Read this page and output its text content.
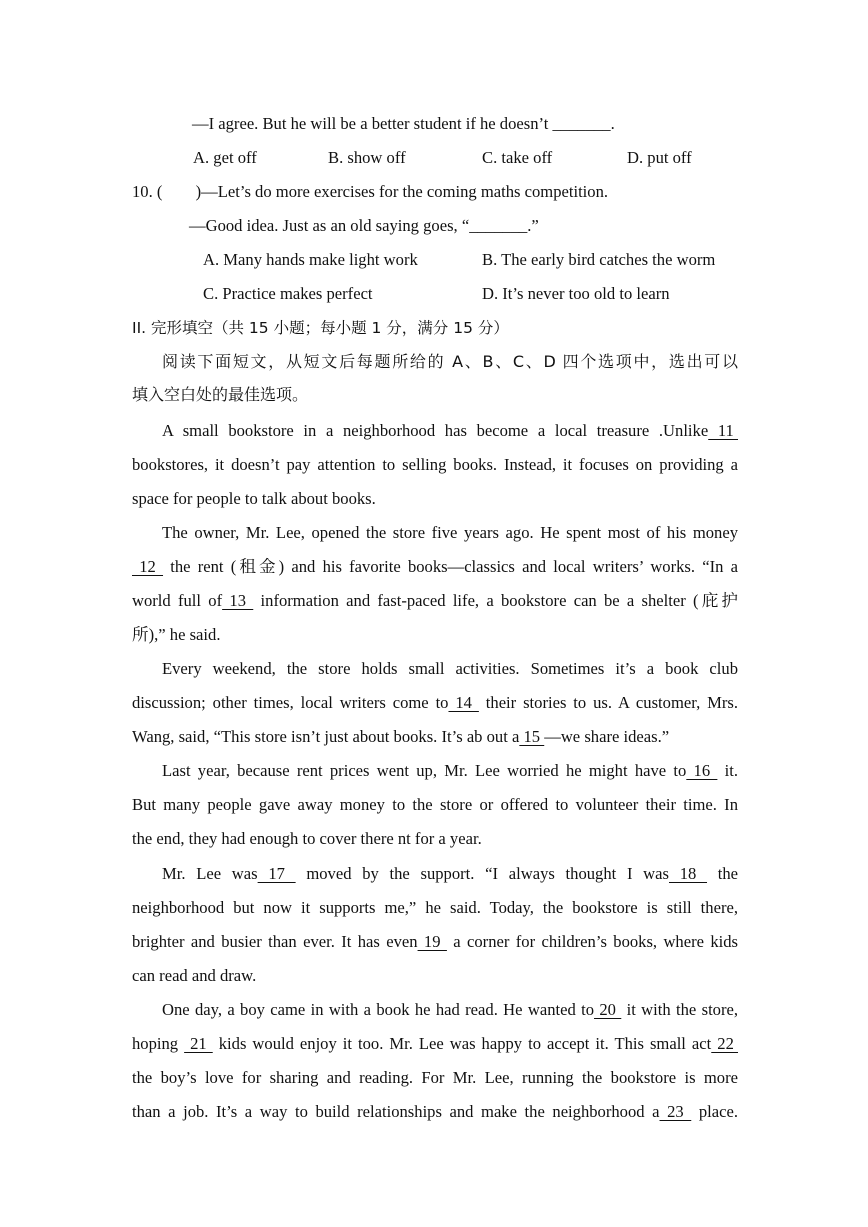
—I agree. But he will be a better student if he doesn’t _______.
A. get off	B. show off	C. take off	D. put off
10. (  )—Let’s do more exercises for the coming maths competition.
—Good idea. Just as an old saying goes, “_______.”
A. Many hands make light work	B. The early bird catches the worm
C. Practice makes perfect	D. It’s never too old to learn
II. 完形填空（共 15 小题；每小题 1 分，满分 15 分）
阅读下面短文，从短文后每题所给的 A、B、C、D 四个选项中，选出可以
填入空白处的最佳选项。
A small bookstore in a neighborhood has become a local treasure .Unlike 11
bookstores, it doesn’t pay attention to selling books. Instead, it focuses on providing a
space for people to talk about books.
The owner, Mr. Lee, opened the store five years ago. He spent most of his money
12  the rent (租金) and his favorite books—classics and local writers’ works. “In a
world full of 13  information and fast-paced life, a bookstore can be a shelter (庇护
所),” he said.
Every weekend, the store holds small activities. Sometimes it’s a book club
discussion; other times, local writers come to 14  their stories to us. A customer, Mrs.
Wang, said, “This store isn’t just about books. It’s ab out a 15 —we share ideas.”
Last year, because rent prices went up, Mr. Lee worried he might have to 16  it.
But many people gave away money to the store or offered to volunteer their time. In
the end, they had enough to cover there nt for a year.
Mr. Lee was 17  moved by the support. “I always thought I was 18  the
neighborhood but now it supports me,” he said. Today, the bookstore is still there,
brighter and busier than ever. It has even 19  a corner for children’s books, where kids
can read and draw.
One day, a boy came in with a book he had read. He wanted to 20  it with the store,
hoping  21  kids would enjoy it too. Mr. Lee was happy to accept it. This small act 22
the boy’s love for sharing and reading. For Mr. Lee, running the bookstore is more
than a job. It’s a way to build relationships and make the neighborhood a 23  place.
